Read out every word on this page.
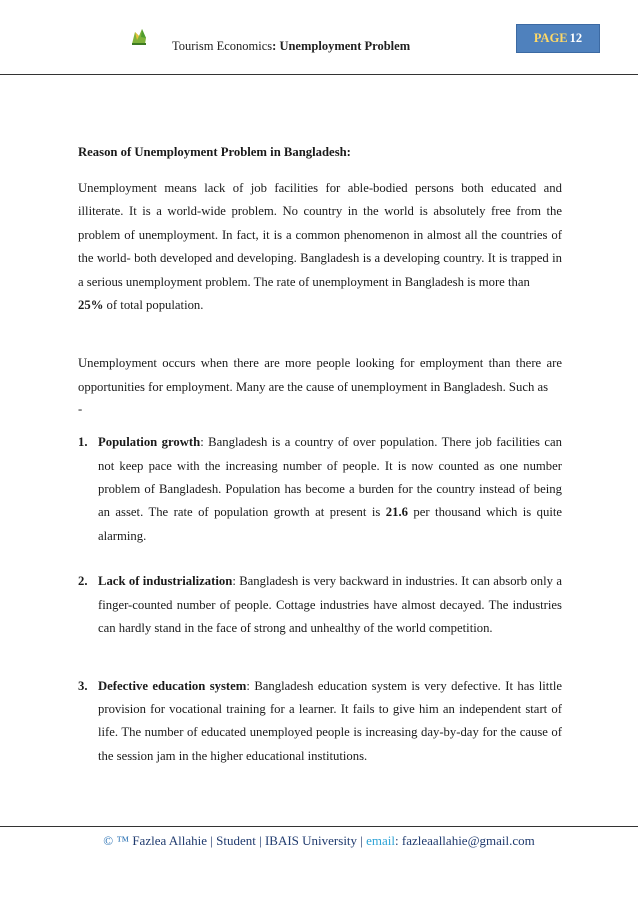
Tourism Economics: Unemployment Problem
PAGE 12
Reason of Unemployment Problem in Bangladesh:

Unemployment means lack of job facilities for able-bodied persons both educated and illiterate. It is a world-wide problem. No country in the world is absolutely free from the problem of unemployment. In fact, it is a common phenomenon in almost all the countries of the world- both developed and developing. Bangladesh is a developing country. It is trapped in a serious unemployment problem. The rate of unemployment in Bangladesh is more than
25% of total population.

Unemployment occurs when there are more people looking for employment than there are opportunities for employment. Many are the cause of unemployment in Bangladesh. Such as

-
1. Population growth: Bangladesh is a country of over population. There job facilities can not keep pace with the increasing number of people. It is now counted as one number problem of Bangladesh. Population has become a burden for the country instead of being an asset. The rate of population growth at present is 21.6 per thousand which is quite alarming.
2. Lack of industrialization: Bangladesh is very backward in industries. It can absorb only a finger-counted number of people. Cottage industries have almost decayed. The industries can hardly stand in the face of strong and unhealthy of the world competition.
3. Defective education system: Bangladesh education system is very defective. It has little provision for vocational training for a learner. It fails to give him an independent start of life. The number of educated unemployed people is increasing day-by-day for the cause of the session jam in the higher educational institutions.
© ™ Fazlea Allahie | Student | IBAIS University | email: fazleaallahie@gmail.com
